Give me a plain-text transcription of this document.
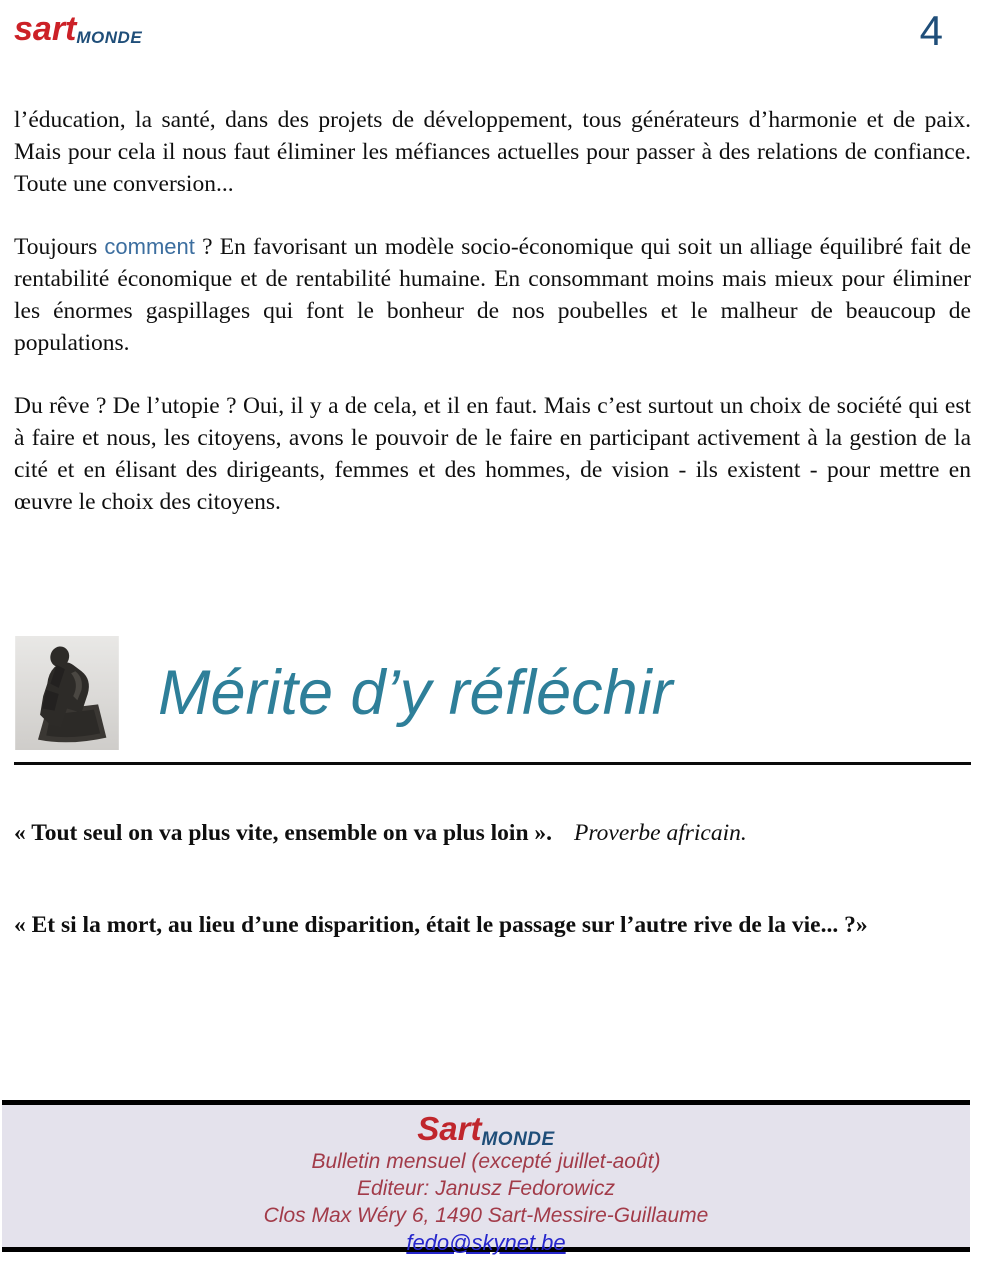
sartMONDE	4

l’éducation, la santé, dans des projets de développement, tous générateurs d’harmonie et de paix. Mais pour cela il nous faut éliminer les méfiances actuelles pour passer à des relations de confiance. Toute une conversion...

Toujours comment ? En favorisant un modèle socio-économique qui soit un alliage équilibré fait de rentabilité économique et de rentabilité humaine. En consommant moins mais mieux pour éliminer les énormes gaspillages qui font le bonheur de nos poubelles et le malheur de beaucoup de populations.

Du rêve ? De l’utopie ? Oui, il y a de cela, et il en faut. Mais c’est surtout un choix de société qui est à faire et nous, les citoyens, avons le pouvoir de le faire en participant activement à la gestion de la cité et en élisant des dirigeants, femmes et des hommes, de vision - ils existent - pour mettre en œuvre le choix des citoyens.

Mérite d’y réfléchir
« Tout seul on va plus vite, ensemble on va plus loin ». Proverbe africain.
« Et si la mort, au lieu d’une disparition, était le passage sur l’autre rive de la vie... ?»
SartMONDE
Bulletin mensuel (excepté juillet-août)
Editeur: Janusz Fedorowicz
Clos Max Wéry 6, 1490 Sart-Messire-Guillaume
fedo@skynet.be
